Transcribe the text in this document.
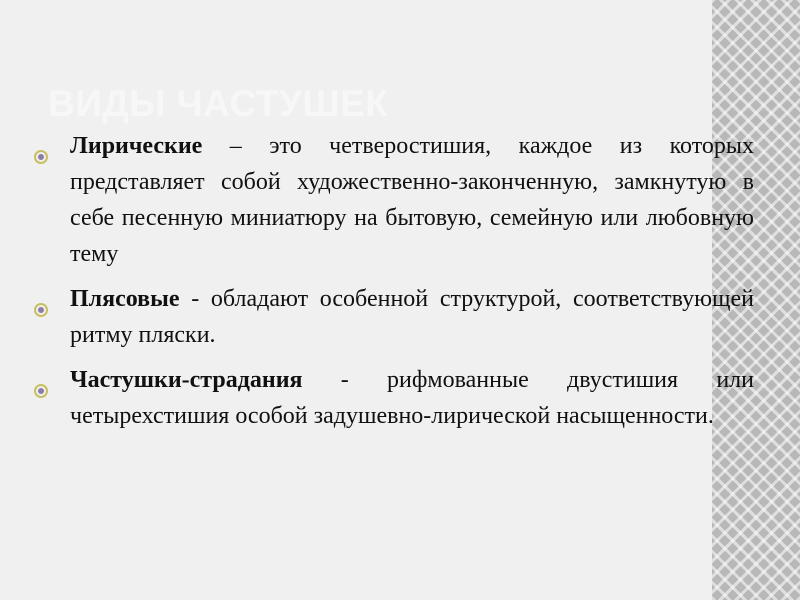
ВИДЫ ЧАСТУШЕК
Лирические – это четверостишия, каждое из которых представляет собой художественно-законченную, замкнутую в себе песенную миниатюру на бытовую, семейную или любовную тему
Плясовые - обладают особенной структурой, соответствующей ритму пляски.
Частушки-страдания - рифмованные двустишия или четырехстишия особой задушевно-лирической насыщенности.
